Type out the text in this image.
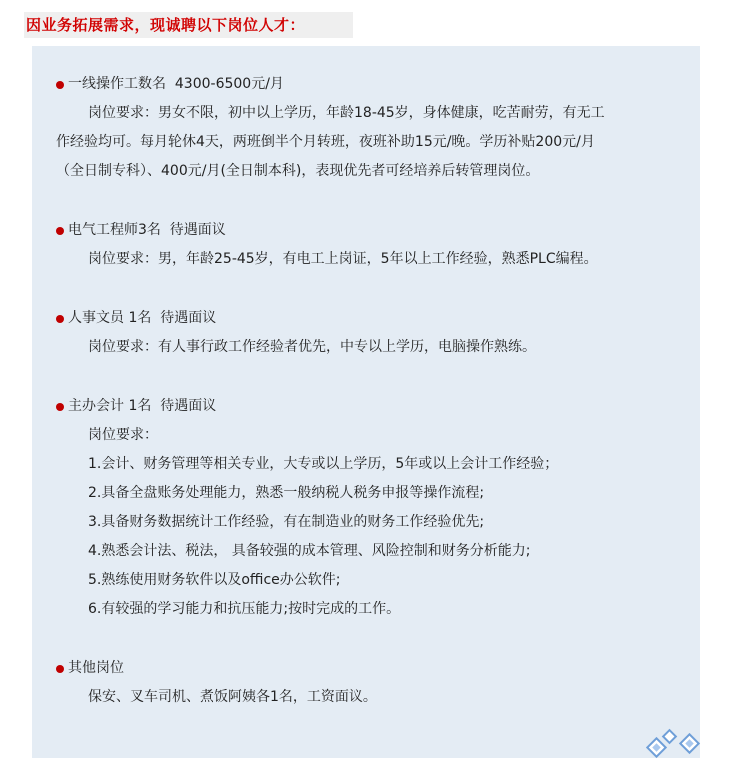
因业务拓展需求，现诚聘以下岗位人才：
一线操作工数名  4300-6500元/月
岗位要求：男女不限，初中以上学历，年龄18-45岁，身体健康，吃苦耐劳，有无工
作经验均可。每月轮休4天，两班倒半个月转班，夜班补助15元/晚。学历补贴200元/月
（全日制专科）、400元/月(全日制本科)，表现优先者可经培养后转管理岗位。
电气工程师3名  待遇面议
岗位要求：男，年龄25-45岁，有电工上岗证，5年以上工作经验，熟悉PLC编程。
人事文员 1名  待遇面议
岗位要求：有人事行政工作经验者优先，中专以上学历，电脑操作熟练。
主办会计 1名  待遇面议
岗位要求：
1.会计、财务管理等相关专业，大专或以上学历，5年或以上会计工作经验；
2.具备全盘账务处理能力，熟悉一般纳税人税务申报等操作流程;
3.具备财务数据统计工作经验，有在制造业的财务工作经验优先;
4.熟悉会计法、税法， 具备较强的成本管理、风险控制和财务分析能力;
5.熟练使用财务软件以及office办公软件;
6.有较强的学习能力和抗压能力;按时完成的工作。
其他岗位
保安、叉车司机、煮饭阿姨各1名，工资面议。
